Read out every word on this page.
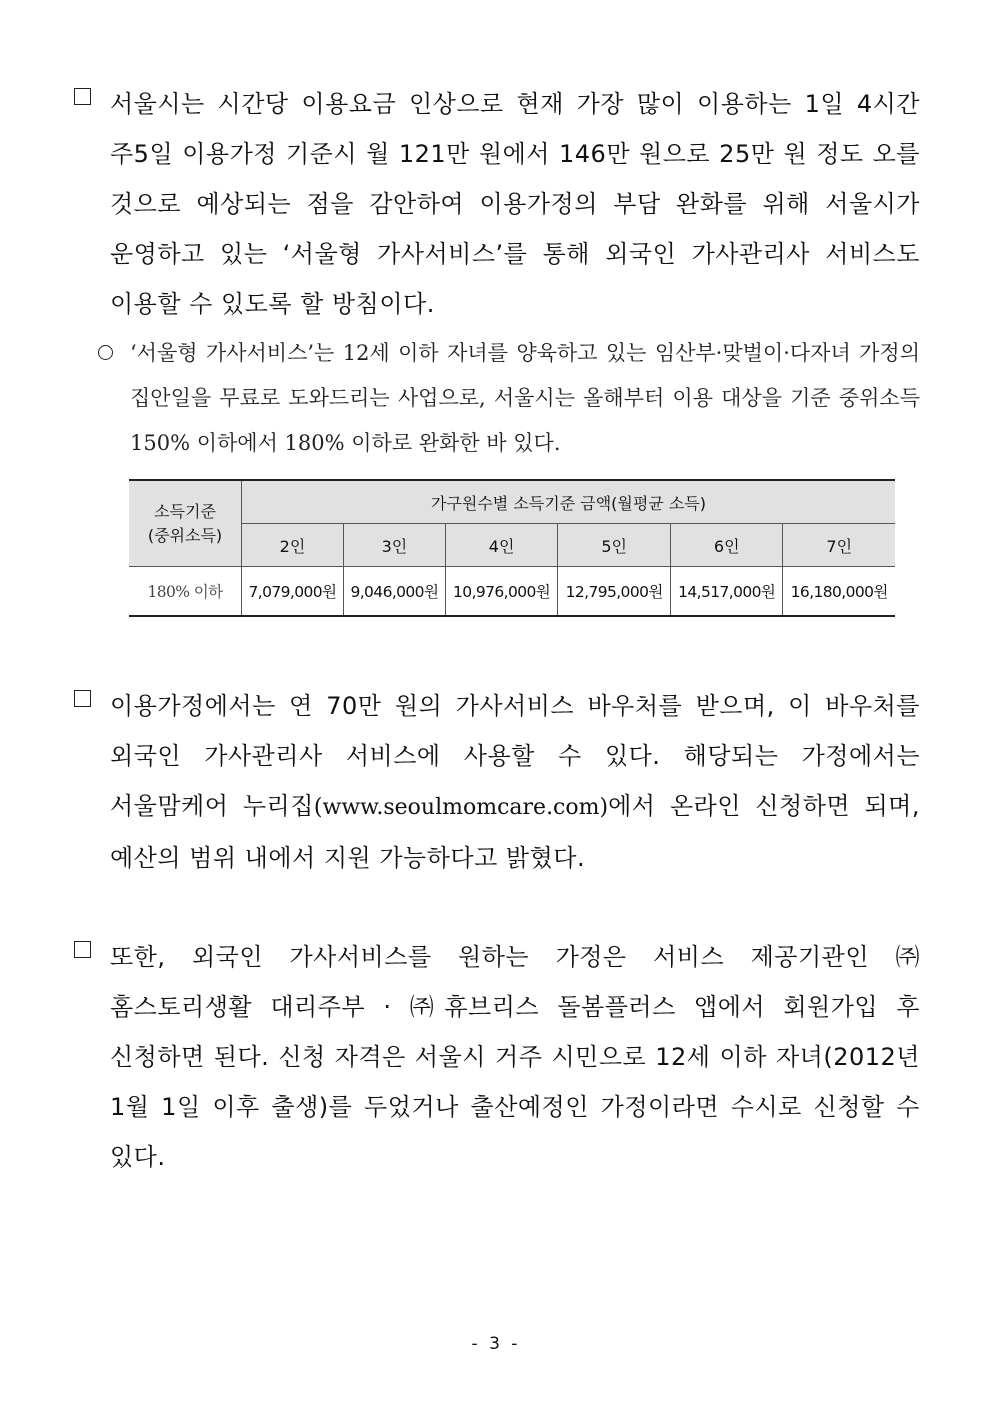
서울시는 시간당 이용요금 인상으로 현재 가장 많이 이용하는 1일 4시간 주5일 이용가정 기준시 월 121만 원에서 146만 원으로 25만 원 정도 오를 것으로 예상되는 점을 감안하여 이용가정의 부담 완화를 위해 서울시가 운영하고 있는 ‘서울형 가사서비스’를 통해 외국인 가사관리사 서비스도 이용할 수 있도록 할 방침이다.
‘서울형 가사서비스’는 12세 이하 자녀를 양육하고 있는 임산부·맞벌이·다자녀 가정의 집안일을 무료로 도와드리는 사업으로, 서울시는 올해부터 이용 대상을 기준 중위소득 150% 이하에서 180% 이하로 완화한 바 있다.
소득기준
(중위소득)	가구원수별 소득기준 금액(월평균 소득)					
	2인	3인	4인	5인	6인	7인
180% 이하	7,079,000원	9,046,000원	10,976,000원	12,795,000원	14,517,000원	16,180,000원
이용가정에서는 연 70만 원의 가사서비스 바우처를 받으며, 이 바우처를 외국인 가사관리사 서비스에 사용할 수 있다. 해당되는 가정에서는 서울맘케어 누리집(www.seoulmomcare.com)에서 온라인 신청하면 되며, 예산의 범위 내에서 지원 가능하다고 밝혔다.
또한, 외국인 가사서비스를 원하는 가정은 서비스 제공기관인 ㈜홈스토리생활 대리주부 · ㈜휴브리스 돌봄플러스 앱에서 회원가입 후 신청하면 된다. 신청 자격은 서울시 거주 시민으로 12세 이하 자녀(2012년 1월 1일 이후 출생)를 두었거나 출산예정인 가정이라면 수시로 신청할 수 있다.
- 3 -
